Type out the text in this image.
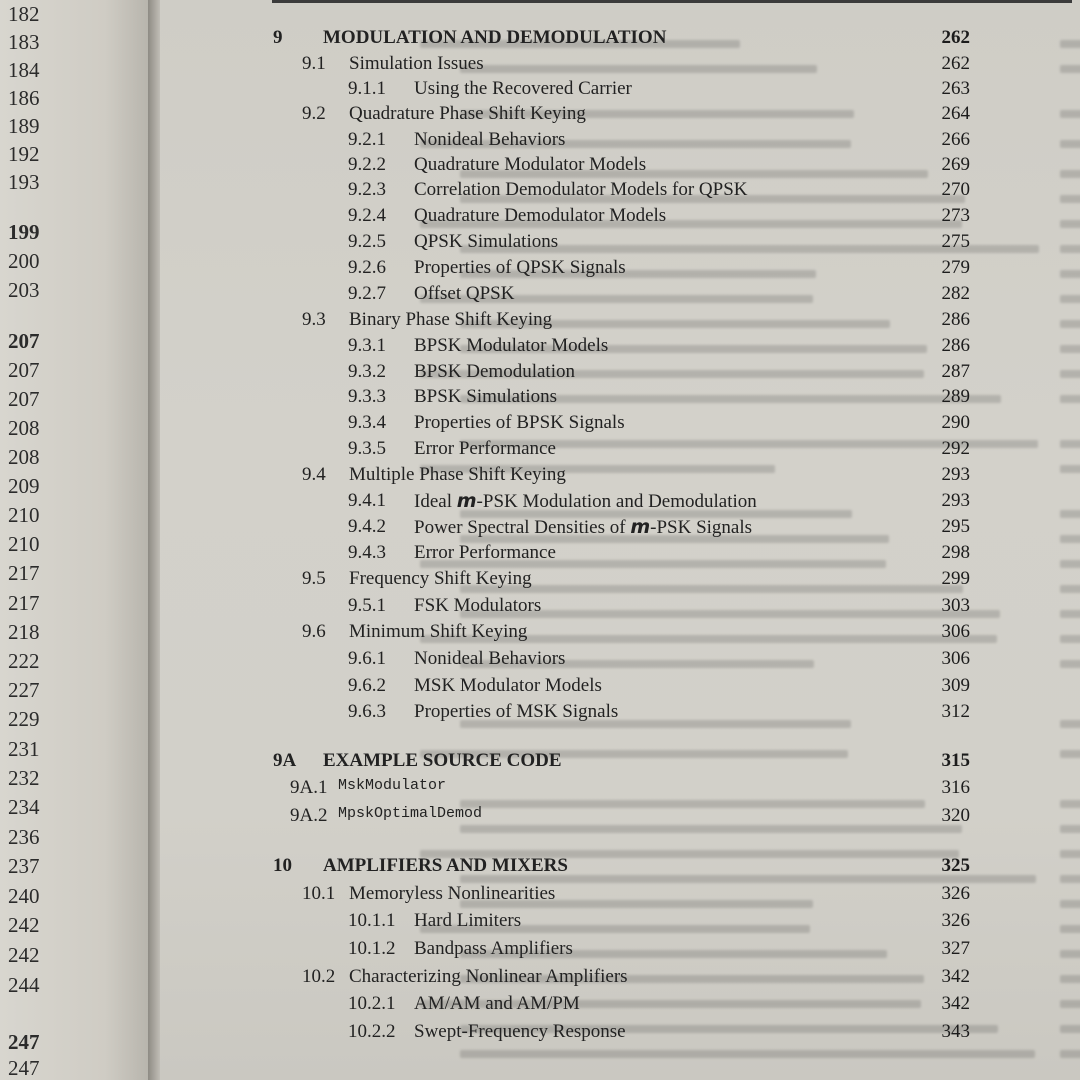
182
183
184
186
189
192
193
199
200
203
207
207
207
208
208
209
210
210
217
217
218
222
227
229
231
232
234
236
237
240
242
242
244
247
247
9 MODULATION AND DEMODULATION	262
9.1 Simulation Issues	262
9.1.1 Using the Recovered Carrier	263
9.2 Quadrature Phase Shift Keying	264
9.2.1 Nonideal Behaviors	266
9.2.2 Quadrature Modulator Models	269
9.2.3 Correlation Demodulator Models for QPSK	270
9.2.4 Quadrature Demodulator Models	273
9.2.5 QPSK Simulations	275
9.2.6 Properties of QPSK Signals	279
9.2.7 Offset QPSK	282
9.3 Binary Phase Shift Keying	286
9.3.1 BPSK Modulator Models	286
9.3.2 BPSK Demodulation	287
9.3.3 BPSK Simulations	289
9.3.4 Properties of BPSK Signals	290
9.3.5 Error Performance	292
9.4 Multiple Phase Shift Keying	293
9.4.1 Ideal m-PSK Modulation and Demodulation	293
9.4.2 Power Spectral Densities of m-PSK Signals	295
9.4.3 Error Performance	298
9.5 Frequency Shift Keying	299
9.5.1 FSK Modulators	303
9.6 Minimum Shift Keying	306
9.6.1 Nonideal Behaviors	306
9.6.2 MSK Modulator Models	309
9.6.3 Properties of MSK Signals	312
9A EXAMPLE SOURCE CODE	315
9A.1 MskModulator	316
9A.2 MpskOptimalDemod	320
10 AMPLIFIERS AND MIXERS	325
10.1 Memoryless Nonlinearities	326
10.1.1 Hard Limiters	326
10.1.2 Bandpass Amplifiers	327
10.2 Characterizing Nonlinear Amplifiers	342
10.2.1 AM/AM and AM/PM	342
10.2.2 Swept-Frequency Response	343
